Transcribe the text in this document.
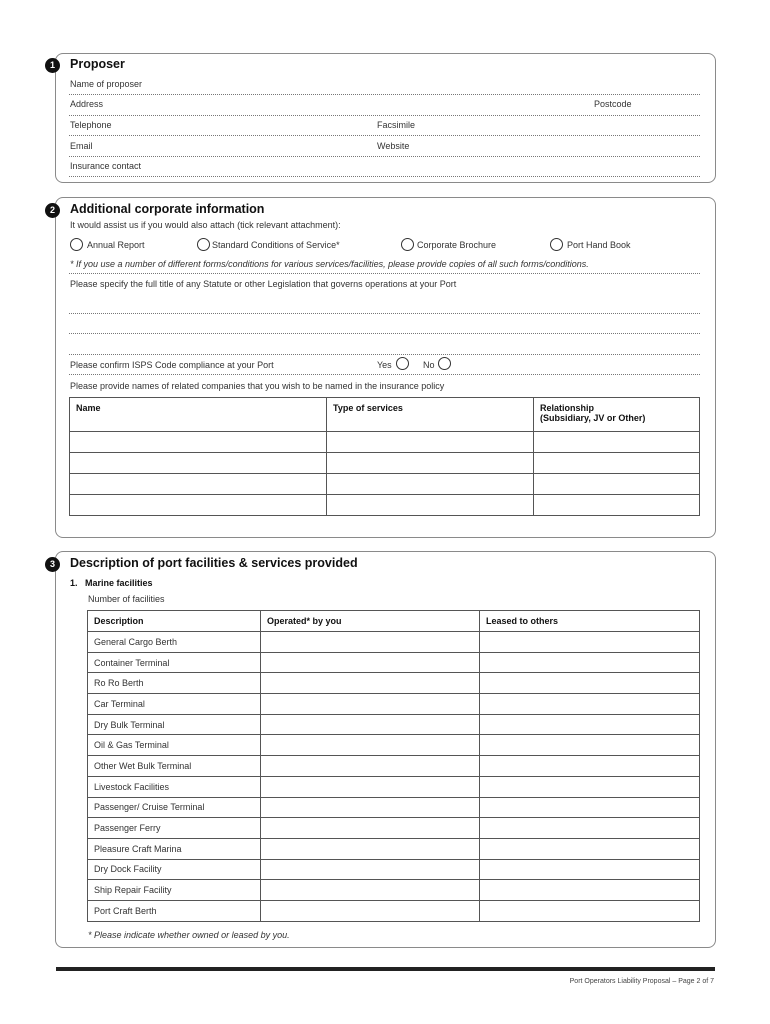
1	Proposer
Name of proposer
Address	Postcode
Telephone	Facsimile
Email	Website
Insurance contact
2	Additional corporate information
It would assist us if you would also attach (tick relevant attachment):
Annual Report	Standard Conditions of Service*	Corporate Brochure	Port Hand Book
* If you use a number of different forms/conditions for various services/facilities, please provide copies of all such forms/conditions.
Please specify the full title of any Statute or other Legislation that governs operations at your Port
Please confirm ISPS Code compliance at your Port	Yes	No
Please provide names of related companies that you wish to be named in the insurance policy
Name	Type of services	Relationship
(Subsidiary, JV or Other)

3	Description of port facilities & services provided
1.   Marine facilities
Number of facilities
Description	Operated* by you	Leased to others
General Cargo Berth		
Container Terminal		
Ro Ro Berth		
Car Terminal		
Dry Bulk Terminal		
Oil & Gas Terminal		
Other Wet Bulk Terminal		
Livestock Facilities		
Passenger/ Cruise Terminal		
Passenger Ferry		
Pleasure Craft Marina		
Dry Dock Facility		
Ship Repair Facility		
Port Craft Berth		
* Please indicate whether owned or leased by you.
Port Operators Liability Proposal – Page 2 of 7
